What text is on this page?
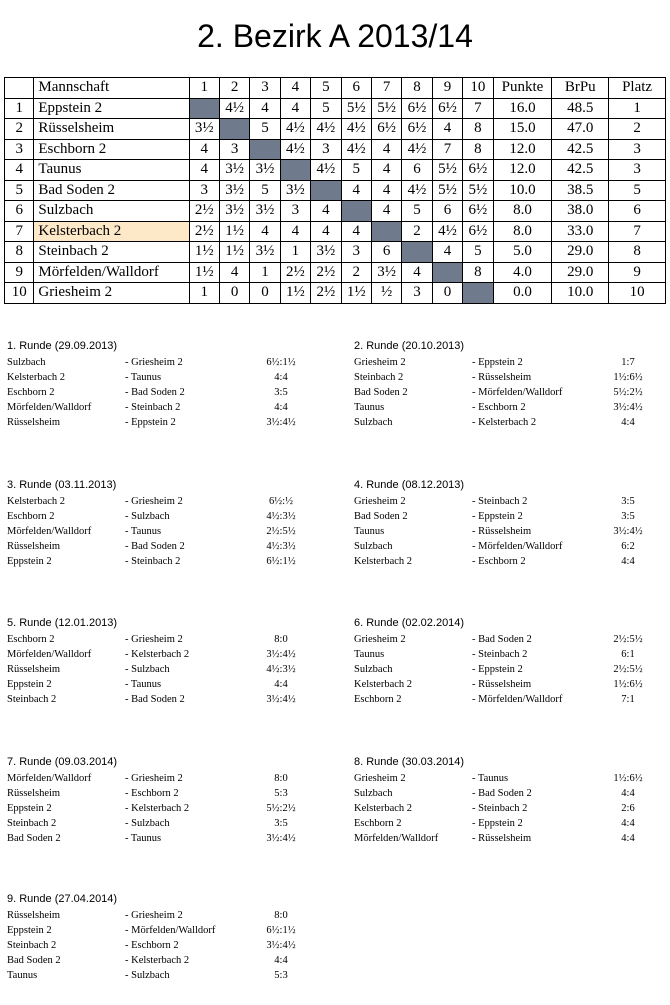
2. Bezirk A 2013/14
	Mannschaft	1	2	3	4	5	6	7	8	9	10	Punkte	BrPu	Platz
1	Eppstein 2		4½	4	4	5	5½	5½	6½	6½	7	16.0	48.5	1
2	Rüsselsheim	3½		5	4½	4½	4½	6½	6½	4	8	15.0	47.0	2
3	Eschborn 2	4	3		4½	3	4½	4	4½	7	8	12.0	42.5	3
4	Taunus	4	3½	3½		4½	5	4	6	5½	6½	12.0	42.5	3
5	Bad Soden 2	3	3½	5	3½		4	4	4½	5½	5½	10.0	38.5	5
6	Sulzbach	2½	3½	3½	3	4		4	5	6	6½	8.0	38.0	6
7	Kelsterbach 2	2½	1½	4	4	4	4		2	4½	6½	8.0	33.0	7
8	Steinbach 2	1½	1½	3½	1	3½	3	6		4	5	5.0	29.0	8
9	Mörfelden/Walldorf	1½	4	1	2½	2½	2	3½	4		8	4.0	29.0	9
10	Griesheim 2	1	0	0	1½	2½	1½	½	3	0		0.0	10.0	10
1. Runde (29.09.2013)
Sulzbach	- Griesheim 2	6½:1½
Kelsterbach 2	- Taunus	4:4
Eschborn 2	- Bad Soden 2	3:5
Mörfelden/Walldorf	- Steinbach 2	4:4
Rüsselsheim	- Eppstein 2	3½:4½
2. Runde (20.10.2013)
Griesheim 2	- Eppstein 2	1:7
Steinbach 2	- Rüsselsheim	1½:6½
Bad Soden 2	- Mörfelden/Walldorf	5½:2½
Taunus	- Eschborn 2	3½:4½
Sulzbach	- Kelsterbach 2	4:4
3. Runde (03.11.2013)
Kelsterbach 2	- Griesheim 2	6½:½
Eschborn 2	- Sulzbach	4½:3½
Mörfelden/Walldorf	- Taunus	2½:5½
Rüsselsheim	- Bad Soden 2	4½:3½
Eppstein 2	- Steinbach 2	6½:1½
4. Runde (08.12.2013)
Griesheim 2	- Steinbach 2	3:5
Bad Soden 2	- Eppstein 2	3:5
Taunus	- Rüsselsheim	3½:4½
Sulzbach	- Mörfelden/Walldorf	6:2
Kelsterbach 2	- Eschborn 2	4:4
5. Runde (12.01.2013)
Eschborn 2	- Griesheim 2	8:0
Mörfelden/Walldorf	- Kelsterbach 2	3½:4½
Rüsselsheim	- Sulzbach	4½:3½
Eppstein 2	- Taunus	4:4
Steinbach 2	- Bad Soden 2	3½:4½
6. Runde (02.02.2014)
Griesheim 2	- Bad Soden 2	2½:5½
Taunus	- Steinbach 2	6:1
Sulzbach	- Eppstein 2	2½:5½
Kelsterbach 2	- Rüsselsheim	1½:6½
Eschborn 2	- Mörfelden/Walldorf	7:1
7. Runde (09.03.2014)
Mörfelden/Walldorf	- Griesheim 2	8:0
Rüsselsheim	- Eschborn 2	5:3
Eppstein 2	- Kelsterbach 2	5½:2½
Steinbach 2	- Sulzbach	3:5
Bad Soden 2	- Taunus	3½:4½
8. Runde (30.03.2014)
Griesheim 2	- Taunus	1½:6½
Sulzbach	- Bad Soden 2	4:4
Kelsterbach 2	- Steinbach 2	2:6
Eschborn 2	- Eppstein 2	4:4
Mörfelden/Walldorf	- Rüsselsheim	4:4
9. Runde (27.04.2014)
Rüsselsheim	- Griesheim 2	8:0
Eppstein 2	- Mörfelden/Walldorf	6½:1½
Steinbach 2	- Eschborn 2	3½:4½
Bad Soden 2	- Kelsterbach 2	4:4
Taunus	- Sulzbach	5:3
